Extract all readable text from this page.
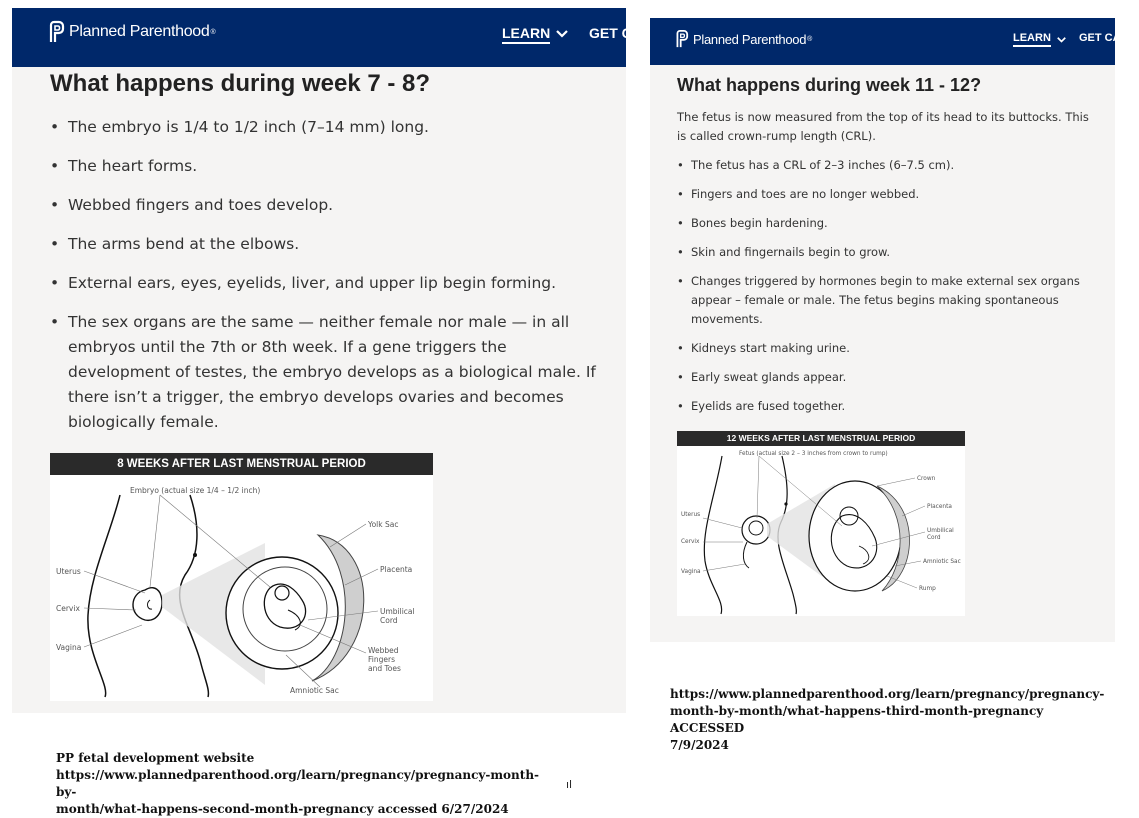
Planned Parenthood ®	LEARN	GET C
What happens during week 7 - 8?
• The embryo is 1/4 to 1/2 inch (7–14 mm) long.
• The heart forms.
• Webbed fingers and toes develop.
• The arms bend at the elbows.
• External ears, eyes, eyelids, liver, and upper lip begin forming.
• The sex organs are the same — neither female nor male — in all embryos until the 7th or 8th week. If a gene triggers the development of testes, the embryo develops as a biological male. If there isn’t a trigger, the embryo develops ovaries and becomes biologically female.
8 WEEKS AFTER LAST MENSTRUAL PERIOD
Embryo (actual size 1/4 – 1/2 inch)
Uterus
Cervix
Vagina
Yolk Sac
Placenta
Umbilical
Cord
Webbed
Fingers
and Toes
Amniotic Sac
Planned Parenthood ®	LEARN	GET CA
What happens during week 11 - 12?

The fetus is now measured from the top of its head to its buttocks. This is called crown-rump length (CRL).

• The fetus has a CRL of 2–3 inches (6–7.5 cm).
• Fingers and toes are no longer webbed.
• Bones begin hardening.
• Skin and fingernails begin to grow.
• Changes triggered by hormones begin to make external sex organs appear – female or male. The fetus begins making spontaneous movements.
• Kidneys start making urine.
• Early sweat glands appear.
• Eyelids are fused together.
12 WEEKS AFTER LAST MENSTRUAL PERIOD
Fetus (actual size 2 – 3 inches from crown to rump)
Crown
Placenta
Umbilical
Cord
Amniotic Sac
Rump
Uterus
Cervix
Vagina
PP fetal development website
https://www.plannedparenthood.org/learn/pregnancy/pregnancy-month-by-
month/what-happens-second-month-pregnancy accessed 6/27/2024
ıl
https://www.plannedparenthood.org/learn/pregnancy/pregnancy-
month-by-month/what-happens-third-month-pregnancy ACCESSED
7/9/2024
